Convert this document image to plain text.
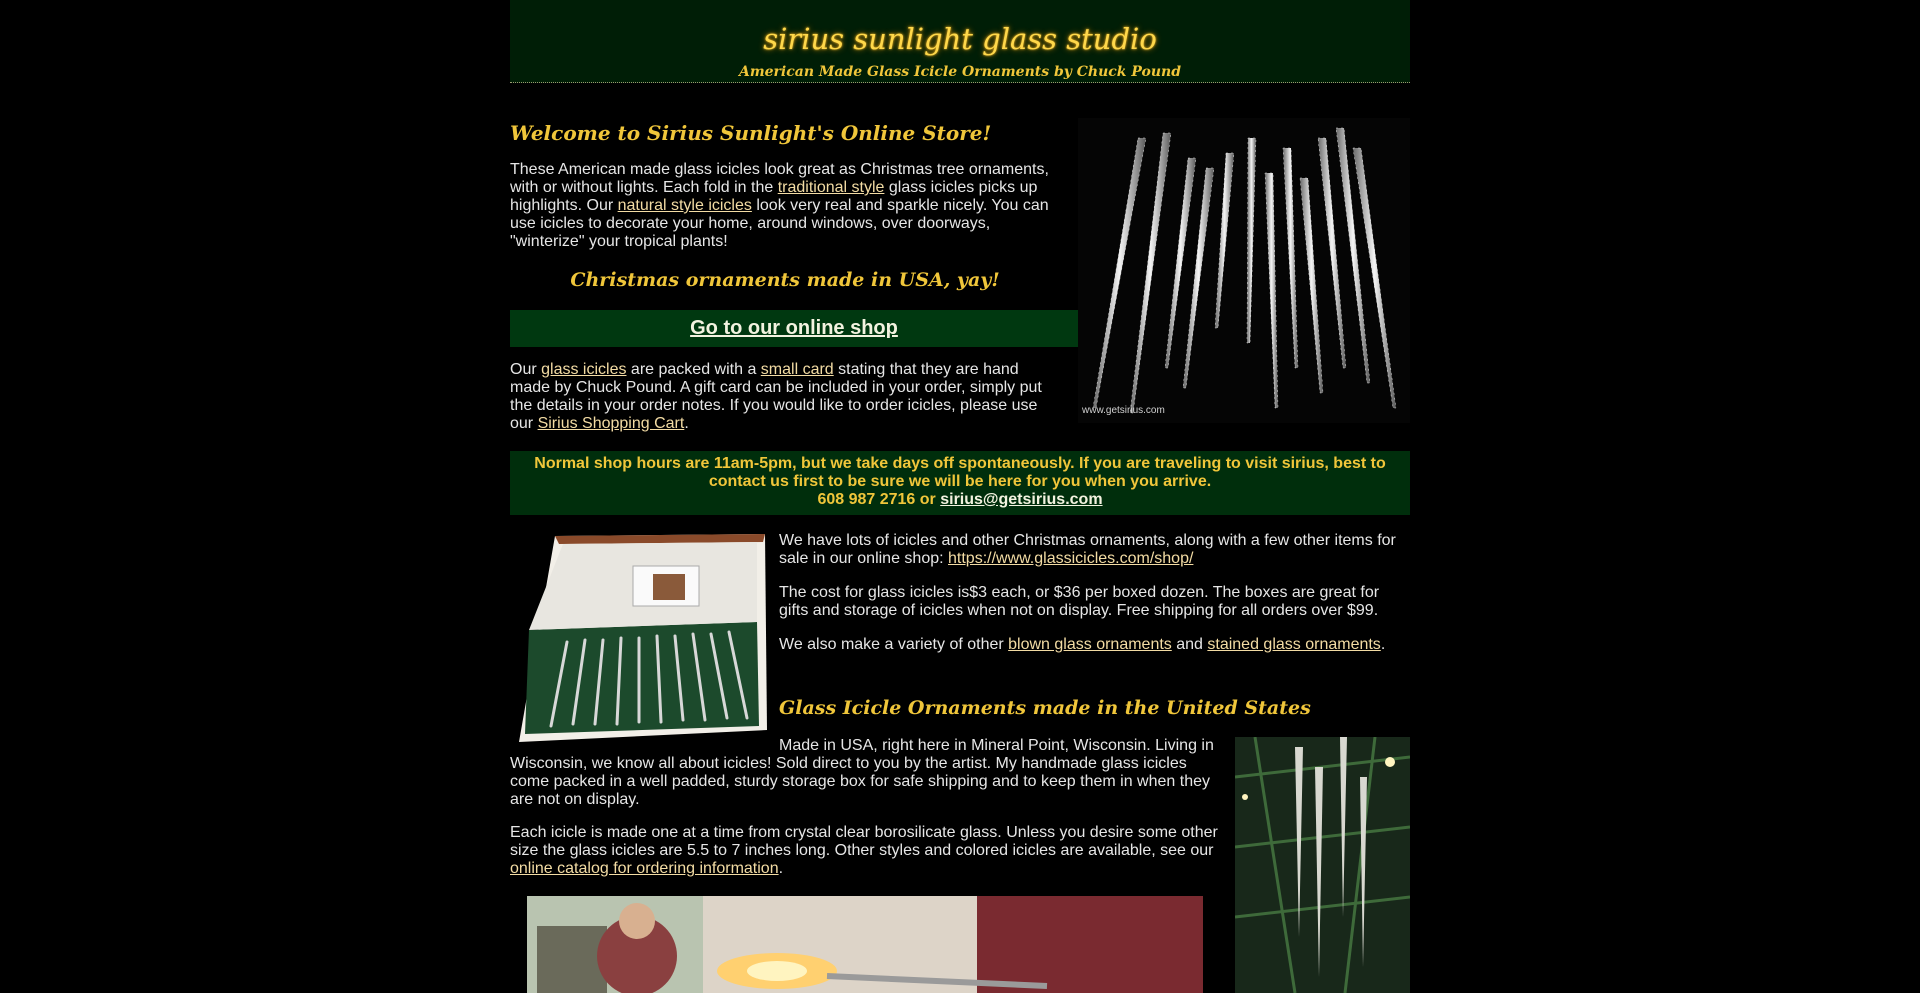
sirius sunlight glass studio
American Made Glass Icicle Ornaments by Chuck Pound
Welcome to Sirius Sunlight's Online Store!

These American made glass icicles look great as Christmas tree ornaments, with or without lights. Each fold in the traditional style glass icicles picks up highlights. Our natural style icicles look very real and sparkle nicely. You can use icicles to decorate your home, around windows, over doorways, "winterize" your tropical plants!

Christmas ornaments made in USA, yay!
Go to our online shop

Our glass icicles are packed with a small card stating that they are hand made by Chuck Pound. A gift card can be included in your order, simply put the details in your order notes. If you would like to order icicles, please use our Sirius Shopping Cart.

www.getsirius.com
Normal shop hours are 11am-5pm, but we take days off spontaneously. If you are traveling to visit sirius, best to contact us first to be sure we will be here for you when you arrive.
608 987 2716 or sirius@getsirius.com

We have lots of icicles and other Christmas ornaments, along with a few other items for sale in our online shop: https://www.glassicicles.com/shop/

The cost for glass icicles is$3 each, or $36 per boxed dozen. The boxes are great for gifts and storage of icicles when not on display. Free shipping for all orders over $99.

We also make a variety of other blown glass ornaments and stained glass ornaments.

Glass Icicle Ornaments made in the United States

Made in USA, right here in Mineral Point, Wisconsin. Living in Wisconsin, we know all about icicles! Sold direct to you by the artist. My handmade glass icicles come packed in a well padded, sturdy storage box for safe shipping and to keep them in when they are not on display.

Each icicle is made one at a time from crystal clear borosilicate glass. Unless you desire some other size the glass icicles are 5.5 to 7 inches long. Other styles and colored icicles are available, see our online catalog for ordering information.
